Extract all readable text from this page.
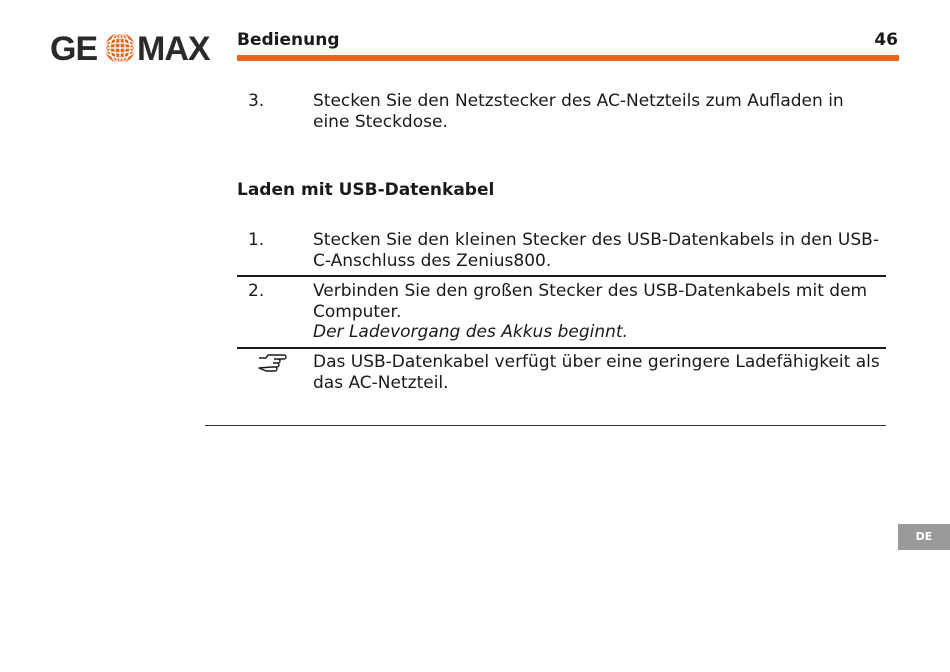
GE MAX Bedienung	46
3.	Stecken Sie den Netzstecker des AC-Netzteils zum Aufladen in eine Steckdose.
Laden mit USB-Datenkabel
1.	Stecken Sie den kleinen Stecker des USB-Datenkabels in den USB-C-Anschluss des Zenius800.
2.	Verbinden Sie den großen Stecker des USB-Datenkabels mit dem Computer.
Der Ladevorgang des Akkus beginnt.
Das USB-Datenkabel verfügt über eine geringere Ladefähigkeit als das AC-Netzteil.
DE
